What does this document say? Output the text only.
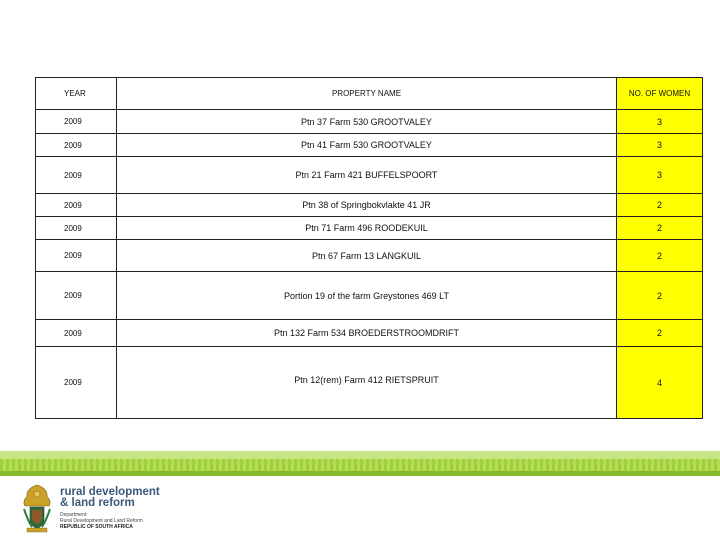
YEAR	PROPERTY NAME	NO. OF WOMEN
2009	Ptn 37 Farm 530 GROOTVALEY	3
2009	Ptn 41 Farm 530 GROOTVALEY	3
2009	Ptn 21 Farm 421 BUFFELSPOORT	3
2009	Ptn 38 of Springbokvlakte 41 JR	2
2009	Ptn 71 Farm 496 ROODEKUIL	2
2009	Ptn 67 Farm 13 LANGKUIL	2
2009	Portion 19 of the farm Greystones 469 LT	2
2009	Ptn 132 Farm 534 BROEDERSTROOMDRIFT	2
2009	Ptn 12(rem) Farm 412 RIETSPRUIT	4
rural development
& land reform
Department:
Rural Development and Land Reform
REPUBLIC OF SOUTH AFRICA
